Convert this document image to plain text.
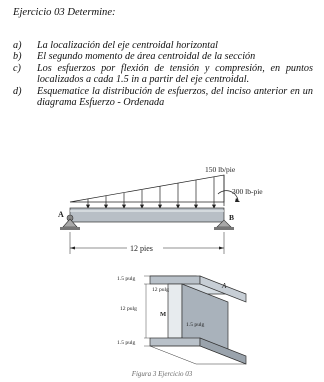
Ejercicio 03 Determine:
a)	La localización del eje centroidal horizontal
b)	El segundo momento de área centroidal de la sección
c)	Los esfuerzos por flexión de tensión y compresión, en puntos localizados a cada 1.5 in a partir del eje centroidal.
d)	Esquematice la distribución de esfuerzos, del inciso anterior en un diagrama Esfuerzo - Ordenada
150 lb/pie
300 lb-pie
A	B
12 pies
A
1.5 pulg
12 pulg
12 pulg
M
1.5 pulg
1.5 pulg
Figura 3 Ejercicio 03
